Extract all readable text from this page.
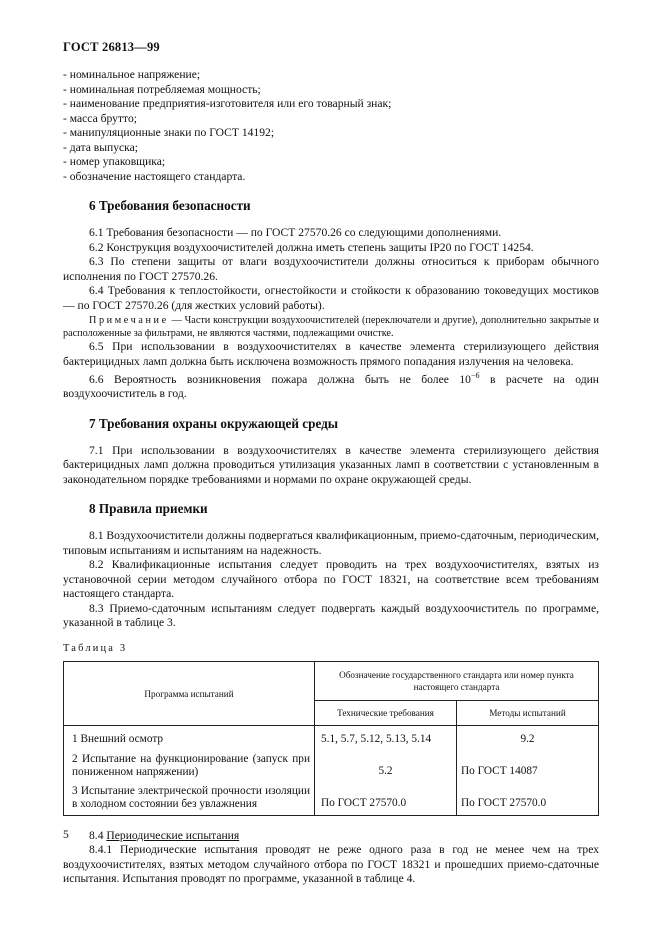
ГОСТ 26813—99
- номинальное напряжение;
- номинальная потребляемая мощность;
- наименование предприятия-изготовителя или его товарный знак;
- масса брутто;
- манипуляционные знаки по ГОСТ 14192;
- дата выпуска;
- номер упаковщика;
- обозначение настоящего стандарта.
6 Требования безопасности

6.1 Требования безопасности — по ГОСТ 27570.26 со следующими дополнениями.

6.2 Конструкция воздухоочистителей должна иметь степень защиты IP20 по ГОСТ 14254.

6.3 По степени защиты от влаги воздухоочистители должны относиться к приборам обычного исполнения по ГОСТ 27570.26.

6.4 Требования к теплостойкости, огнестойкости и стойкости к образованию токоведущих мостиков — по ГОСТ 27570.26 (для жестких условий работы).

Примечание — Части конструкции воздухоочистителей (переключатели и другие), дополнительно закрытые и расположенные за фильтрами, не являются частями, подлежащими очистке.

6.5 При использовании в воздухоочистителях в качестве элемента стерилизующего действия бактерицидных ламп должна быть исключена возможность прямого попадания излучения на человека.

6.6 Вероятность возникновения пожара должна быть не более $10^{-6}$ в расчете на один воздухоочиститель в год.

7 Требования охраны окружающей среды

7.1 При использовании в воздухоочистителях в качестве элемента стерилизующего действия бактерицидных ламп должна проводиться утилизация указанных ламп в соответствии с установленным в законодательном порядке требованиями и нормами по охране окружающей среды.

8 Правила приемки

8.1 Воздухоочистители должны подвергаться квалификационным, приемо-сдаточным, периодическим, типовым испытаниям и испытаниям на надежность.

8.2 Квалификационные испытания следует проводить на трех воздухоочистителях, взятых из установочной серии методом случайного отбора по ГОСТ 18321, на соответствие всем требованиям настоящего стандарта.

8.3 Приемо-сдаточным испытаниям следует подвергать каждый воздухоочиститель по программе, указанной в таблице 3.

Таблица 3

Программа испытаний	Обозначение государственного стандарта или номер пункта настоящего стандарта	
	Технические требования	Методы испытаний
1 Внешний осмотр	5.1, 5.7, 5.12, 5.13, 5.14	9.2
2 Испытание на функционирование (запуск при пониженном напряжении)	5.2	По ГОСТ 14087
3 Испытание электрической прочности изоляции в холодном состоянии без увлажнения	По ГОСТ 27570.0	По ГОСТ 27570.0

8.4 Периодические испытания

8.4.1 Периодические испытания проводят не реже одного раза в год не менее чем на трех воздухоочистителях, взятых методом случайного отбора по ГОСТ 18321 и прошедших приемо-сдаточные испытания. Испытания проводят по программе, указанной в таблице 4.

5
